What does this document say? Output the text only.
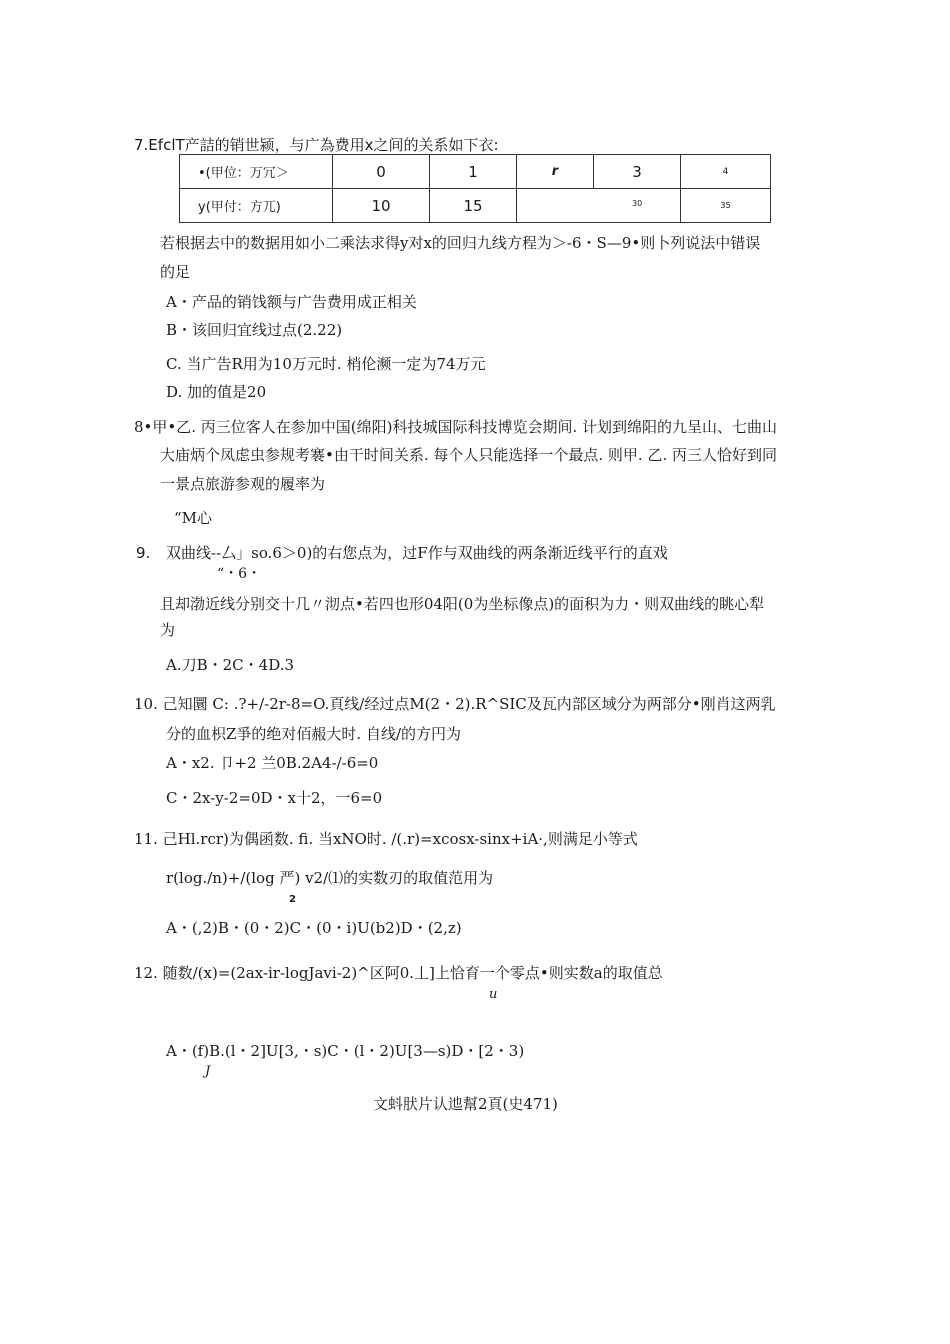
7.EfclT产詰的销世颍，与广為费用x之间的关系如下衣:
•(甲位：万冗＞	0	1	r	3	4
y(甲付：方兀)	10	15	30		35
若根据去中的数据用如小二乘法求得y对x的回归九线方程为＞-6・S—9•则卜列说法中错误
的足
A・产品的销饯额与广告费用成正相关
B・该回归宜线过点(2.22)
C. 当广告R用为10万元时. 梢伦濒一定为74万元
D. 加的值是20
8•甲•乙. 丙三位客人在参加中国(绵阳)科技城国际科技博览会期间. 计划到绵阳的九呈山、七曲山
大庙炳个凤虑虫参规考褰•由干时间关系. 每个人只能选择一个最点. 则甲. 乙. 丙三人恰好到同
一景点旅游参观的履率为
“M心
9. 双曲线--厶」so.6＞0)的右您点为，过F作与双曲线的两条渐近线平行的直戏
“・6・
且却渤近线分别交十几〃沏点•若四也形04阳(0为坐标像点)的面积为力・则双曲线的眺心犁
为
A.刀B・2C・4D.3
10. 己知圜 C: .?+/-2r-8=O.頁线/经过点M(2・2).R^SIC及瓦内部区域分为两部分•刚肖这两乳
分的血枳Z爭的绝对佰赧大时. 自线/的方円为
A・x2. 卩+2 兰0B.2A4-/-6=0
C・2x-y-2=0D・x十2，一6=0
11. 己Hl.rcr)为偶函数. fi. 当xNO时. /(.r)=xcosx-sinx+iA·,则满足小等式
r(log./n)+/(log 严) v2/⑴的实数刃的取值范用为
2
A・(,2)B・(0・2)C・(0・i)U(b2)D・(2,z)
12. 随数/(x)=(2ax-ir-logJavi-2)^区阿0.丄]上恰育一个零点•则实数a的取值总
u
A・(f)B.(l・2]U[3,・s)C・(l・2)U[3—s)D・[2・3)
J
文蚪肰片认迆幫2頁(史471)
